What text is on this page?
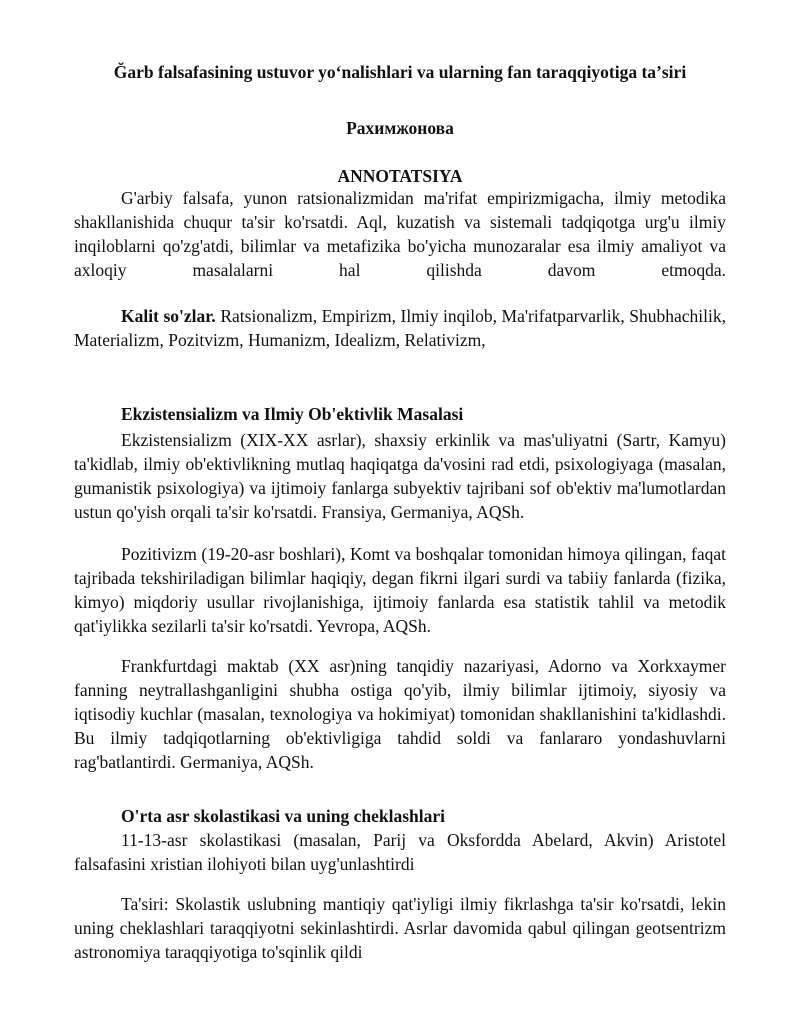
Ğarb falsafasining ustuvor yoʻnalishlari va ularning fan taraqqiyotiga taʼsiri
Рахимжонова
ANNOTATSIYA

G'arbiy falsafa, yunon ratsionalizmidan ma'rifat empirizmigacha, ilmiy metodika shakllanishida chuqur ta'sir ko'rsatdi. Aql, kuzatish va sistemali tadqiqotga urg'u ilmiy inqiloblarni qo'zg'atdi, bilimlar va metafizika bo'yicha munozaralar esa ilmiy amaliyot va axloqiy masalalarni hal qilishda davom etmoqda.

Kalit so'zlar. Ratsionalizm, Empirizm, Ilmiy inqilob, Ma'rifatparvarlik, Shubhachilik, Materializm, Pozitvizm, Humanizm, Idealizm, Relativizm,

Ekzistensializm va Ilmiy Ob'ektivlik Masalasi

Ekzistensializm (XIX-XX asrlar), shaxsiy erkinlik va mas'uliyatni (Sartr, Kamyu) ta'kidlab, ilmiy ob'ektivlikning mutlaq haqiqatga da'vosini rad etdi, psixologiyaga (masalan, gumanistik psixologiya) va ijtimoiy fanlarga subyektiv tajribani sof ob'ektiv ma'lumotlardan ustun qo'yish orqali ta'sir ko'rsatdi. Fransiya, Germaniya, AQSh.

Pozitivizm (19-20-asr boshlari), Komt va boshqalar tomonidan himoya qilingan, faqat tajribada tekshiriladigan bilimlar haqiqiy, degan fikrni ilgari surdi va tabiiy fanlarda (fizika, kimyo) miqdoriy usullar rivojlanishiga, ijtimoiy fanlarda esa statistik tahlil va metodik qat'iylikka sezilarli ta'sir ko'rsatdi. Yevropa, AQSh.

Frankfurtdagi maktab (XX asr)ning tanqidiy nazariyasi, Adorno va Xorkxaymer fanning neytrallashganligini shubha ostiga qo'yib, ilmiy bilimlar ijtimoiy, siyosiy va iqtisodiy kuchlar (masalan, texnologiya va hokimiyat) tomonidan shakllanishini ta'kidlashdi. Bu ilmiy tadqiqotlarning ob'ektivligiga tahdid soldi va fanlararo yondashuvlarni rag'batlantirdi. Germaniya, AQSh.

O'rta asr skolastikasi va uning cheklashlari

11-13-asr skolastikasi (masalan, Parij va Oksfordda Abelard, Akvin) Aristotel falsafasini xristian ilohiyoti bilan uyg'unlashtirdi

Ta'siri: Skolastik uslubning mantiqiy qat'iyligi ilmiy fikrlashga ta'sir ko'rsatdi, lekin uning cheklashlari taraqqiyotni sekinlashtirdi. Asrlar davomida qabul qilingan geotsentrizm astronomiya taraqqiyotiga to'sqinlik qildi
